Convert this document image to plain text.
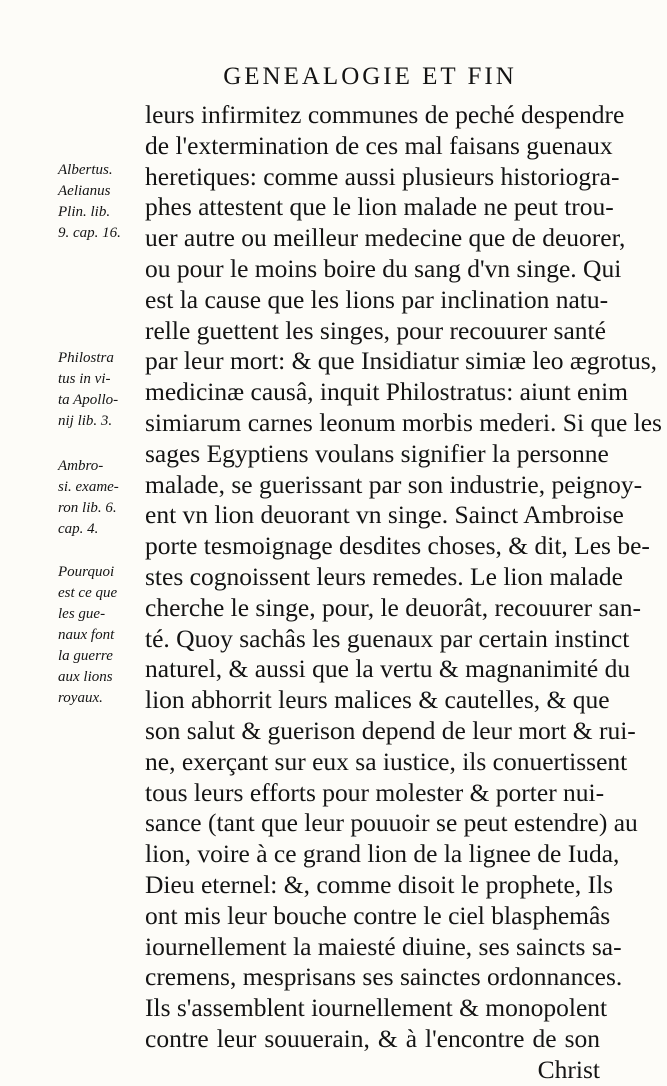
GENEALOGIE ET FIN
leurs infirmitez communes de peché despendre
de l'extermination de ces mal faisans guenaux
heretiques: comme aussi plusieurs historiogra-
phes attestent que le lion malade ne peut trou-
uer autre ou meilleur medecine que de deuorer,
ou pour le moins boire du sang d'vn singe. Qui
est la cause que les lions par inclination natu-
relle guettent les singes, pour recouurer santé
par leur mort: & que Insidiatur simiæ leo ægrotus,
medicinæ causâ, inquit Philostratus: aiunt enim
simiarum carnes leonum morbis mederi. Si que les
sages Egyptiens voulans signifier la personne
malade, se guerissant par son industrie, peignoy-
ent vn lion deuorant vn singe. Sainct Ambroise
porte tesmoignage desdites choses, & dit, Les be-
stes cognoissent leurs remedes. Le lion malade
cherche le singe, pour, le deuorât, recouurer san-
té. Quoy sachâs les guenaux par certain instinct
naturel, & aussi que la vertu & magnanimité du
lion abhorrit leurs malices & cautelles, & que
son salut & guerison depend de leur mort & rui-
ne, exerçant sur eux sa iustice, ils conuertissent
tous leurs efforts pour molester & porter nui-
sance (tant que leur pouuoir se peut estendre) au
lion, voire à ce grand lion de la lignee de Iuda,
Dieu eternel: &, comme disoit le prophete, Ils
ont mis leur bouche contre le ciel blasphemâs
iournellement la maiesté diuine, ses saincts sa-
cremens, mesprisans ses sainctes ordonnances.
Ils s'assemblent iournellement & monopolent
contre leur souuerain, & à l'encontre de son
Christ
Albertus.
Aelianus
Plin. lib.
9. cap. 16.
Philostra
tus in vi-
ta Apollo-
nij lib. 3.
Ambro-
si. exame-
ron lib. 6.
cap. 4.
Pourquoi
est ce que
les gue-
naux font
la guerre
aux lions
royaux.
